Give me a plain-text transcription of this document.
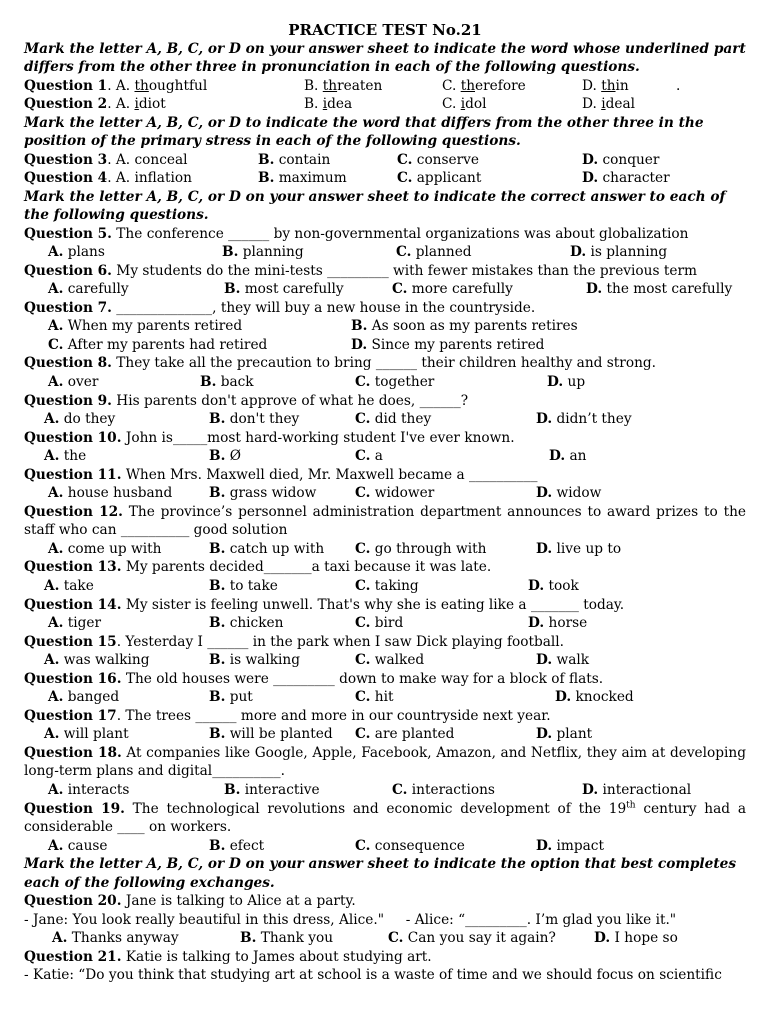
PRACTICE TEST No.21
Mark the letter A, B, C, or D on your answer sheet to indicate the word whose underlined part differs from the other three in pronunciation in each of the following questions.
Question 1. A. thoughtful	B. threaten	C. therefore	D. thin	.
Question 2. A. idiot	B. idea	C. idol	D. ideal
Mark the letter A, B, C, or D to indicate the word that differs from the other three in the position of the primary stress in each of the following questions.
Question 3. A. conceal	B. contain	C. conserve	D. conquer
Question 4. A. inflation	B. maximum	C. applicant	D. character
Mark the letter A, B, C, or D on your answer sheet to indicate the correct answer to each of the following questions.
Question 5. The conference ______ by non-governmental organizations was about globalization
A. plans	B. planning	C. planned	D. is planning
Question 6. My students do the mini-tests _________ with fewer mistakes than the previous term
A. carefully	B. most carefully	C. more carefully	D. the most carefully
Question 7. ______________, they will buy a new house in the countryside.
A. When my parents retired	B. As soon as my parents retires
C. After my parents had retired	D. Since my parents retired
Question 8. They take all the precaution to bring ______ their children healthy and strong.
A. over	B. back	C. together	D. up
Question 9. His parents don't approve of what he does, ______?
A. do they	B. don't they	C. did they	D. didn’t they
Question 10. John is_____most hard-working student I've ever known.
A. the	B. Ø	C. a	D. an
Question 11. When Mrs. Maxwell died, Mr. Maxwell became a __________
A. house husband	B. grass widow	C. widower	D. widow
Question 12. The province’s personnel administration department announces to award prizes to the staff who can __________ good solution
A. come up with	B. catch up with C. go through with	D. live up to
Question 13. My parents decided_______a taxi because it was late.
A. take	B. to take	C. taking	D. took
Question 14. My sister is feeling unwell. That's why she is eating like a _______ today.
A. tiger	B. chicken	C. bird	D. horse
Question 15. Yesterday I ______ in the park when I saw Dick playing football.
A. was walking	B. is walking	C. walked	D. walk
Question 16. The old houses were _________ down to make way for a block of flats.
A. banged	B. put	C. hit	D. knocked
Question 17. The trees ______ more and more in our countryside next year.
A. will plant	B. will be planted C. are planted	D. plant
Question 18. At companies like Google, Apple, Facebook, Amazon, and Netflix, they aim at developing long-term plans and digital__________.
A. interacts	B. interactive	C. interactions	D. interactional
Question 19. The technological revolutions and economic development of the 19th century had a considerable ____ on workers.
A. cause	B. efect	C. consequence	D. impact
Mark the letter A, B, C, or D on your answer sheet to indicate the option that best completes each of the following exchanges.
Question 20. Jane is talking to Alice at a party.
- Jane: You look really beautiful in this dress, Alice."     - Alice: “_________. I’m glad you like it."
A. Thanks anyway	B. Thank you	C. Can you say it again?	D. I hope so
Question 21. Katie is talking to James about studying art.
- Katie: “Do you think that studying art at school is a waste of time and we should focus on scientific
